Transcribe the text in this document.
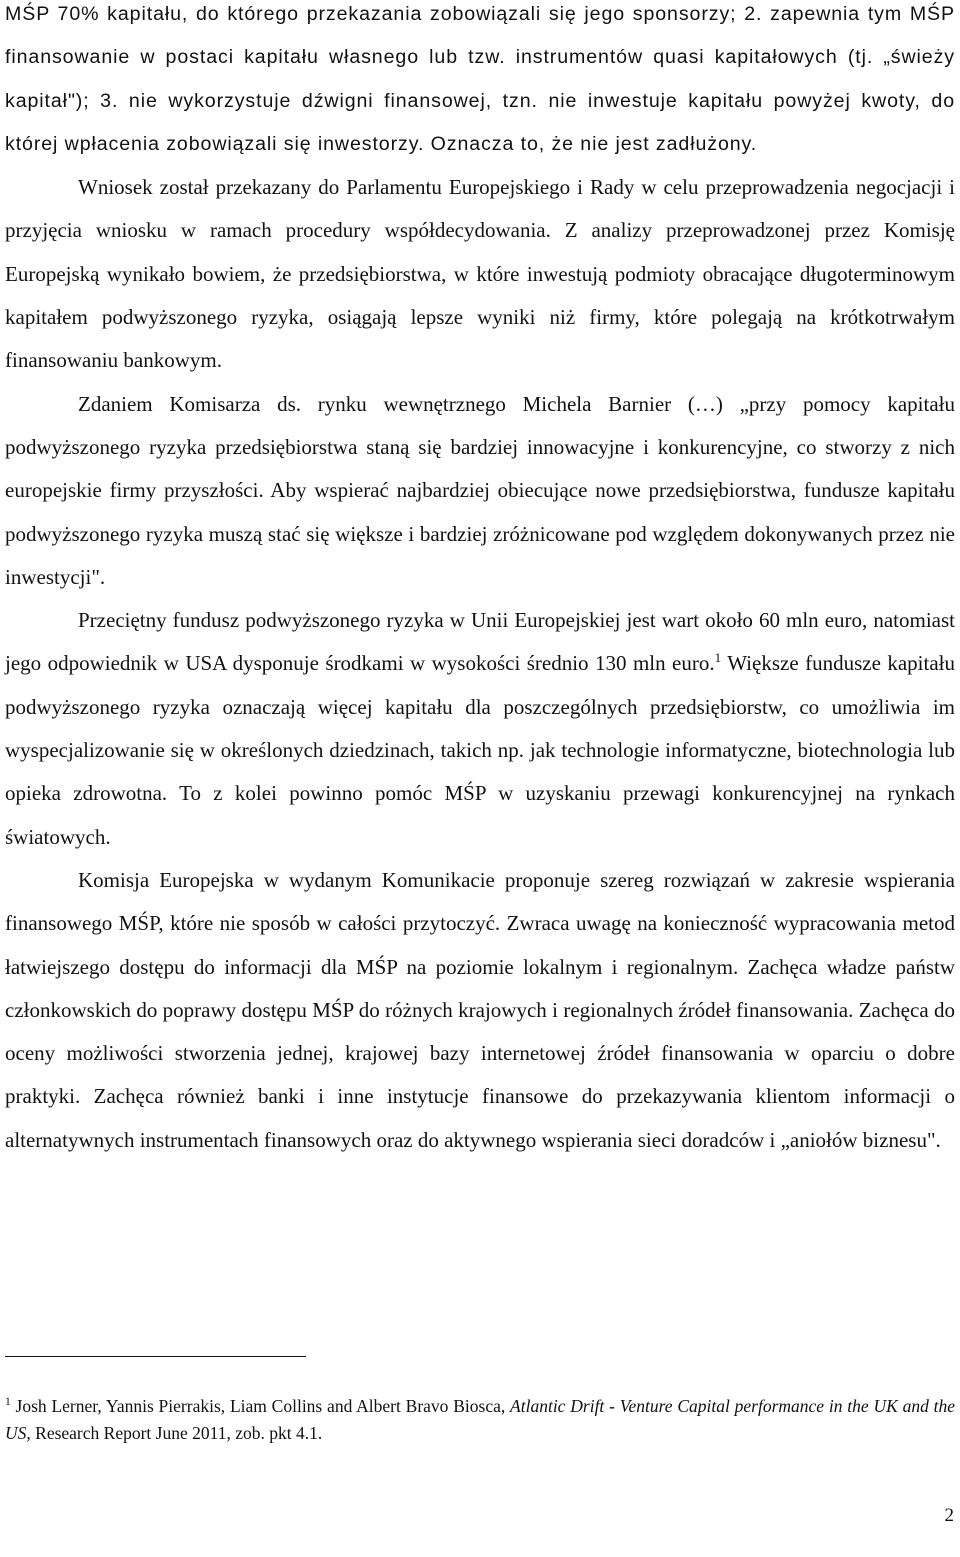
MŚP 70% kapitału, do którego przekazania zobowiązali się jego sponsorzy; 2. zapewnia tym MŚP finansowanie w postaci kapitału własnego lub tzw. instrumentów quasi kapitałowych (tj. „świeży kapitał"); 3. nie wykorzystuje dźwigni finansowej, tzn. nie inwestuje kapitału powyżej kwoty, do której wpłacenia zobowiązali się inwestorzy. Oznacza to, że nie jest zadłużony.

Wniosek został przekazany do Parlamentu Europejskiego i Rady w celu przeprowadzenia negocjacji i przyjęcia wniosku w ramach procedury współdecydowania. Z analizy przeprowadzonej przez Komisję Europejską wynikało bowiem, że przedsiębiorstwa, w które inwestują podmioty obracające długoterminowym kapitałem podwyższonego ryzyka, osiągają lepsze wyniki niż firmy, które polegają na krótkotrwałym finansowaniu bankowym.

Zdaniem Komisarza ds. rynku wewnętrznego Michela Barnier (…) „przy pomocy kapitału podwyższonego ryzyka przedsiębiorstwa staną się bardziej innowacyjne i konkurencyjne, co stworzy z nich europejskie firmy przyszłości. Aby wspierać najbardziej obiecujące nowe przedsiębiorstwa, fundusze kapitału podwyższonego ryzyka muszą stać się większe i bardziej zróżnicowane pod względem dokonywanych przez nie inwestycji".

Przeciętny fundusz podwyższonego ryzyka w Unii Europejskiej jest wart około 60 mln euro, natomiast jego odpowiednik w USA dysponuje środkami w wysokości średnio 130 mln euro.$^1$ Większe fundusze kapitału podwyższonego ryzyka oznaczają więcej kapitału dla poszczególnych przedsiębiorstw, co umożliwia im wyspecjalizowanie się w określonych dziedzinach, takich np. jak technologie informatyczne, biotechnologia lub opieka zdrowotna. To z kolei powinno pomóc MŚP w uzyskaniu przewagi konkurencyjnej na rynkach światowych.

Komisja Europejska w wydanym Komunikacie proponuje szereg rozwiązań w zakresie wspierania finansowego MŚP, które nie sposób w całości przytoczyć. Zwraca uwagę na konieczność wypracowania metod łatwiejszego dostępu do informacji dla MŚP na poziomie lokalnym i regionalnym. Zachęca władze państw członkowskich do poprawy dostępu MŚP do różnych krajowych i regionalnych źródeł finansowania. Zachęca do oceny możliwości stworzenia jednej, krajowej bazy internetowej źródeł finansowania w oparciu o dobre praktyki. Zachęca również banki i inne instytucje finansowe do przekazywania klientom informacji o alternatywnych instrumentach finansowych oraz do aktywnego wspierania sieci doradców i „aniołów biznesu".

$^1$ Josh Lerner, Yannis Pierrakis, Liam Collins and Albert Bravo Biosca, Atlantic Drift - Venture Capital performance in the UK and the US, Research Report June 2011, zob. pkt 4.1.

2
